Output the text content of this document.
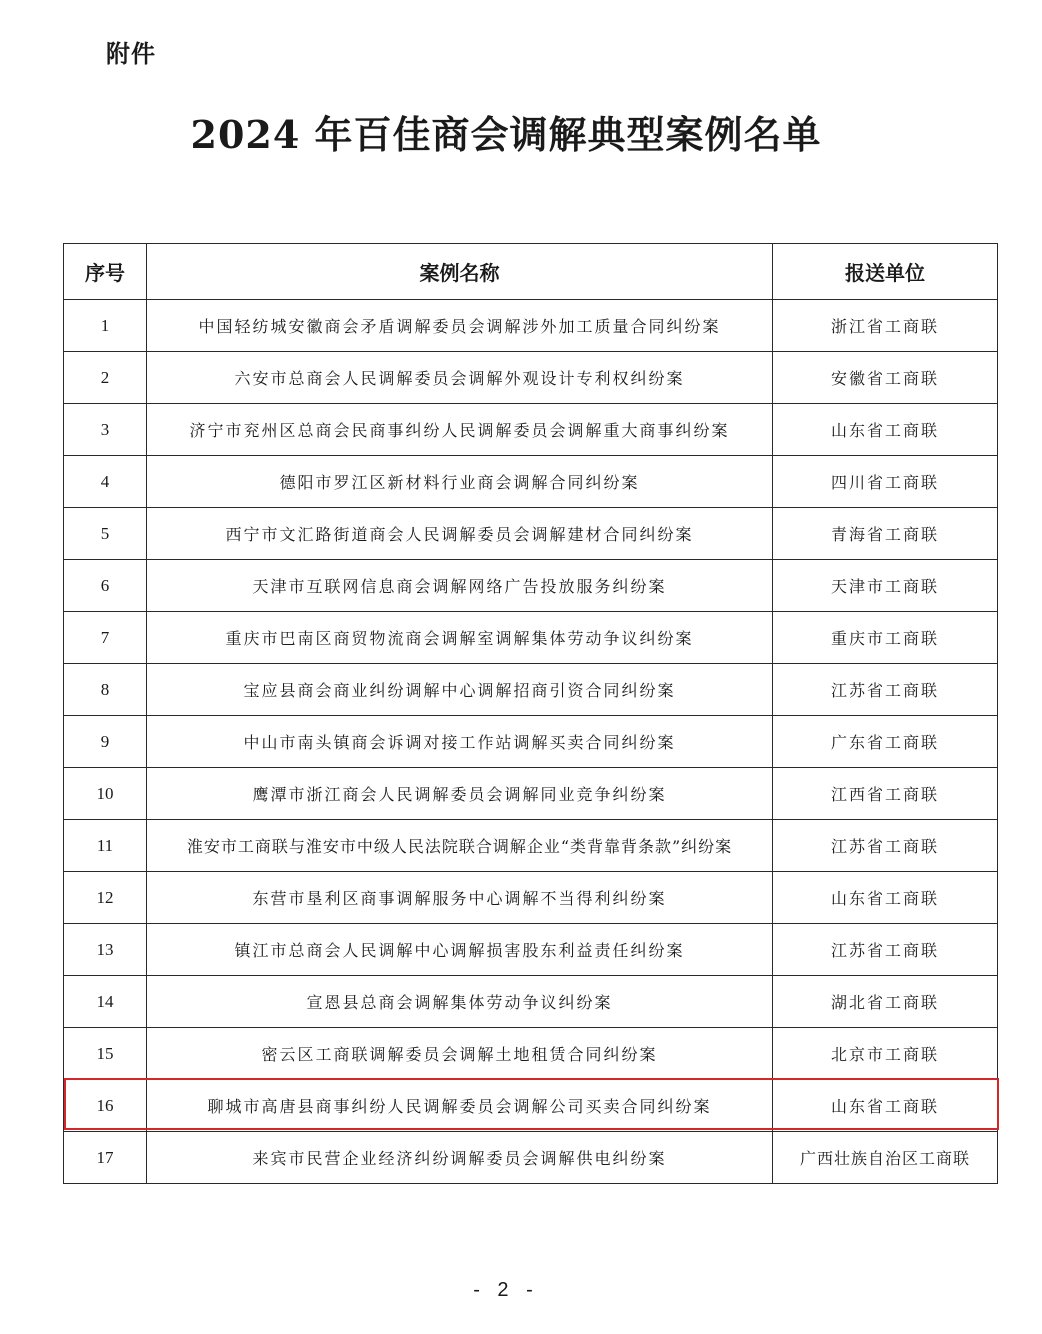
附件
2024 年百佳商会调解典型案例名单
序号	案例名称	报送单位
1	中国轻纺城安徽商会矛盾调解委员会调解涉外加工质量合同纠纷案	浙江省工商联
2	六安市总商会人民调解委员会调解外观设计专利权纠纷案	安徽省工商联
3	济宁市兖州区总商会民商事纠纷人民调解委员会调解重大商事纠纷案	山东省工商联
4	德阳市罗江区新材料行业商会调解合同纠纷案	四川省工商联
5	西宁市文汇路街道商会人民调解委员会调解建材合同纠纷案	青海省工商联
6	天津市互联网信息商会调解网络广告投放服务纠纷案	天津市工商联
7	重庆市巴南区商贸物流商会调解室调解集体劳动争议纠纷案	重庆市工商联
8	宝应县商会商业纠纷调解中心调解招商引资合同纠纷案	江苏省工商联
9	中山市南头镇商会诉调对接工作站调解买卖合同纠纷案	广东省工商联
10	鹰潭市浙江商会人民调解委员会调解同业竞争纠纷案	江西省工商联
11	淮安市工商联与淮安市中级人民法院联合调解企业“类背靠背条款”纠纷案	江苏省工商联
12	东营市垦利区商事调解服务中心调解不当得利纠纷案	山东省工商联
13	镇江市总商会人民调解中心调解损害股东利益责任纠纷案	江苏省工商联
14	宣恩县总商会调解集体劳动争议纠纷案	湖北省工商联
15	密云区工商联调解委员会调解土地租赁合同纠纷案	北京市工商联
16	聊城市高唐县商事纠纷人民调解委员会调解公司买卖合同纠纷案	山东省工商联
17	来宾市民营企业经济纠纷调解委员会调解供电纠纷案	广西壮族自治区工商联
- 2 -
